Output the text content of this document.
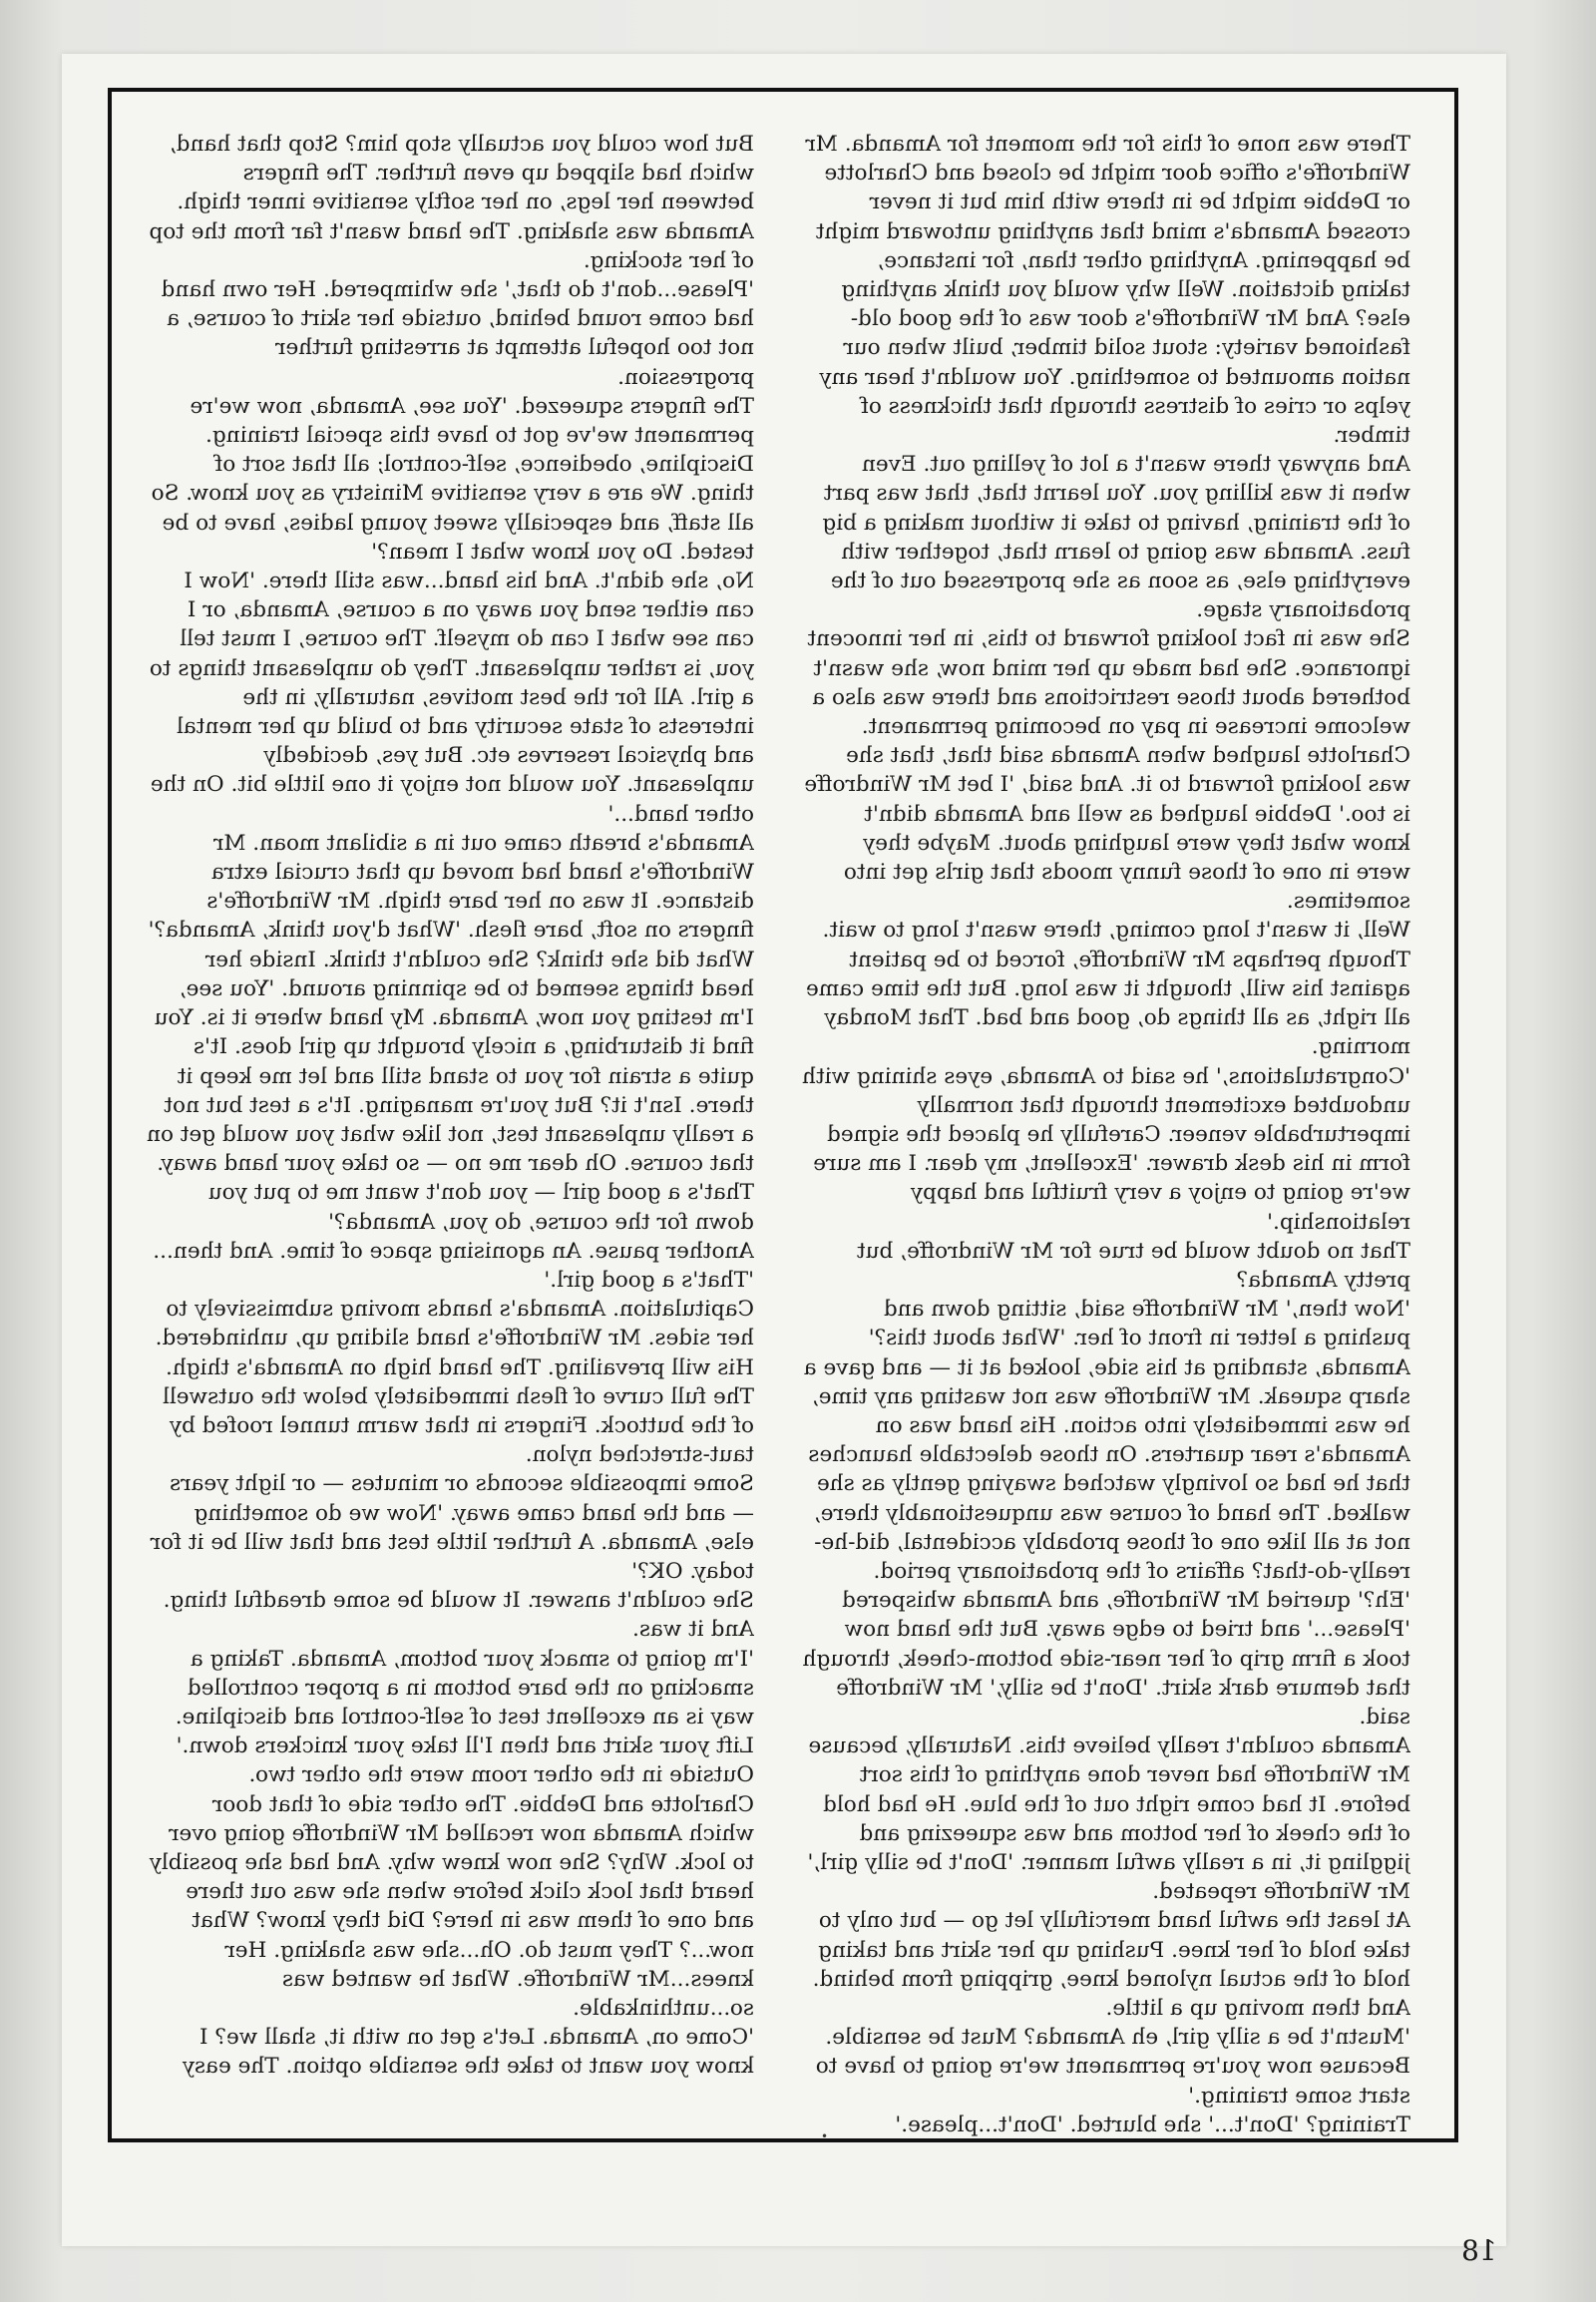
There was none of this for the moment for Amanda. Mr Windroffe's office door might be closed and Charlotte or Debbie might be in there with him but it never crossed Amanda's mind that anything untoward might be happening. Anything other than, for instance, taking dictation. Well why would you think anything else? And Mr Windroffe's door was of the good old-fashioned variety: stout solid timber, built when our nation amounted to something. You wouldn't hear any yelps or cries of distress through that thickness of timber.

And anyway there wasn't a lot of yelling out. Even when it was killing you. You learnt that, that was part of the training, having to take it without making a big fuss. Amanda was going to learn that, together with everything else, as soon as she progressed out of the probationary stage.

She was in fact looking forward to this, in her innocent ignorance. She had made up her mind now, she wasn't bothered about those restrictions and there was also a welcome increase in pay on becoming permanent. Charlotte laughed when Amanda said that, that she was looking forward to it. And said, 'I bet Mr Windroffe is too.' Debbie laughed as well and Amanda didn't know what they were laughing about. Maybe they were in one of those funny moods that girls get into sometimes.

Well, it wasn't long coming, there wasn't long to wait. Though perhaps Mr Windroffe, forced to be patient against his will, thought it was long. But the time came all right, as all things do, good and bad. That Monday morning.

'Congratulations,' he said to Amanda, eyes shining with undoubted excitement through that normally imperturbable veneer. Carefully he placed the signed form in his desk drawer. 'Excellent, my dear. I am sure we're going to enjoy a very fruitful and happy relationship.'

That no doubt would be true for Mr Windroffe, but pretty Amanda?

'Now then,' Mr Windroffe said, sitting down and pushing a letter in front of her. 'What about this?' Amanda, standing at his side, looked at it — and gave a sharp squeak. Mr Windroffe was not wasting any time, he was immediately into action. His hand was on Amanda's rear quarters. On those delectable haunches that he had so lovingly watched swaying gently as she walked. The hand of course was unquestionably there, not at all like one of those probably accidental, did-he-really-do-that? affairs of the probationary period.

'Eh?' queried Mr Windroffe, and Amanda whispered 'Please...' and tried to edge away. But the hand now took a firm grip of her near-side bottom-cheek, through that demure dark skirt. 'Don't be silly,' Mr Windroffe said.

Amanda couldn't really believe this. Naturally, because Mr Windroffe had never done anything of this sort before. It had come right out of the blue. He had hold of the cheek of her bottom and was squeezing and jiggling it, in a really awful manner. 'Don't be silly girl,' Mr Windroffe repeated.

At least the awful hand mercifully let go — but only to take hold of her knee. Pushing up her skirt and taking hold of the actual nyloned knee, gripping from behind. And then moving up a little.

'Mustn't be a silly girl, eh Amanda? Must be sensible. Because now you're permanent we're going to have to start some training.'

Training? 'Don't...' she blurted. 'Don't...please.'

But how could you actually stop him? Stop that hand, which had slipped up even further. The fingers between her legs, on her softly sensitive inner thigh. Amanda was shaking. The hand wasn't far from the top of her stocking.

'Please...don't do that,' she whimpered. Her own hand had come round behind, outside her skirt of course, a not too hopeful attempt at arresting further progression.

The fingers squeezed. 'You see, Amanda, now we're permanent we've got to have this special training. Discipline, obedience, self-control; all that sort of thing. We are a very sensitive Ministry as you know. So all staff, and especially sweet young ladies, have to be tested. Do you know what I mean?'

No, she didn't. And his hand...was still there. 'Now I can either send you away on a course, Amanda, or I can see what I can do myself. The course, I must tell you, is rather unpleasant. They do unpleasant things to a girl. All for the best motives, naturally, in the interests of state security and to build up her mental and physical reserves etc. But yes, decidedly unpleasant. You would not enjoy it one little bit. On the other hand...'

Amanda's breath came out in a sibilant moan. Mr Windroffe's hand had moved up that crucial extra distance. It was on her bare thigh. Mr Windroffe's fingers on soft, bare flesh. 'What d'you think, Amanda?'

What did she think? She couldn't think. Inside her head things seemed to be spinning around. 'You see, I'm testing you now, Amanda. My hand where it is. You find it disturbing, a nicely brought up girl does. It's quite a strain for you to stand still and let me keep it there. Isn't it? But you're managing. It's a test but not a really unpleasant test, not like what you would get on that course. Oh dear me no — so take your hand away. That's a good girl — you don't want me to put you down for the course, do you, Amanda?'

Another pause. An agonising space of time. And then...

'That's a good girl.'

Capitulation. Amanda's hands moving submissively to her sides. Mr Windroffe's hand sliding up, unhindered. His will prevailing. The hand high on Amanda's thigh. The full curve of flesh immediately below the outswell of the buttock. Fingers in that warm tunnel roofed by taut-stretched nylon.

Some impossible seconds or minutes — or light years — and the hand came away. 'Now we do something else, Amanda. A further little test and that will be it for today. OK?'

She couldn't answer. It would be some dreadful thing. And it was.

'I'm going to smack your bottom, Amanda. Taking a smacking on the bare bottom in a proper controlled way is an excellent test of self-control and discipline. Lift your skirt and then I'll take your knickers down.'

Outside in the other room were the other two. Charlotte and Debbie. The other side of that door which Amanda now recalled Mr Windroffe going over to lock. Why? She now knew why. And had she possibly heard that lock click before when she was out there and one of them was in here? Did they know? What now...? They must do. Oh...she was shaking. Her knees...Mr Windroffe. What he wanted was so...unthinkable.

'Come on, Amanda. Let's get on with it, shall we? I know you want to take the sensible option. The easy

•
18
